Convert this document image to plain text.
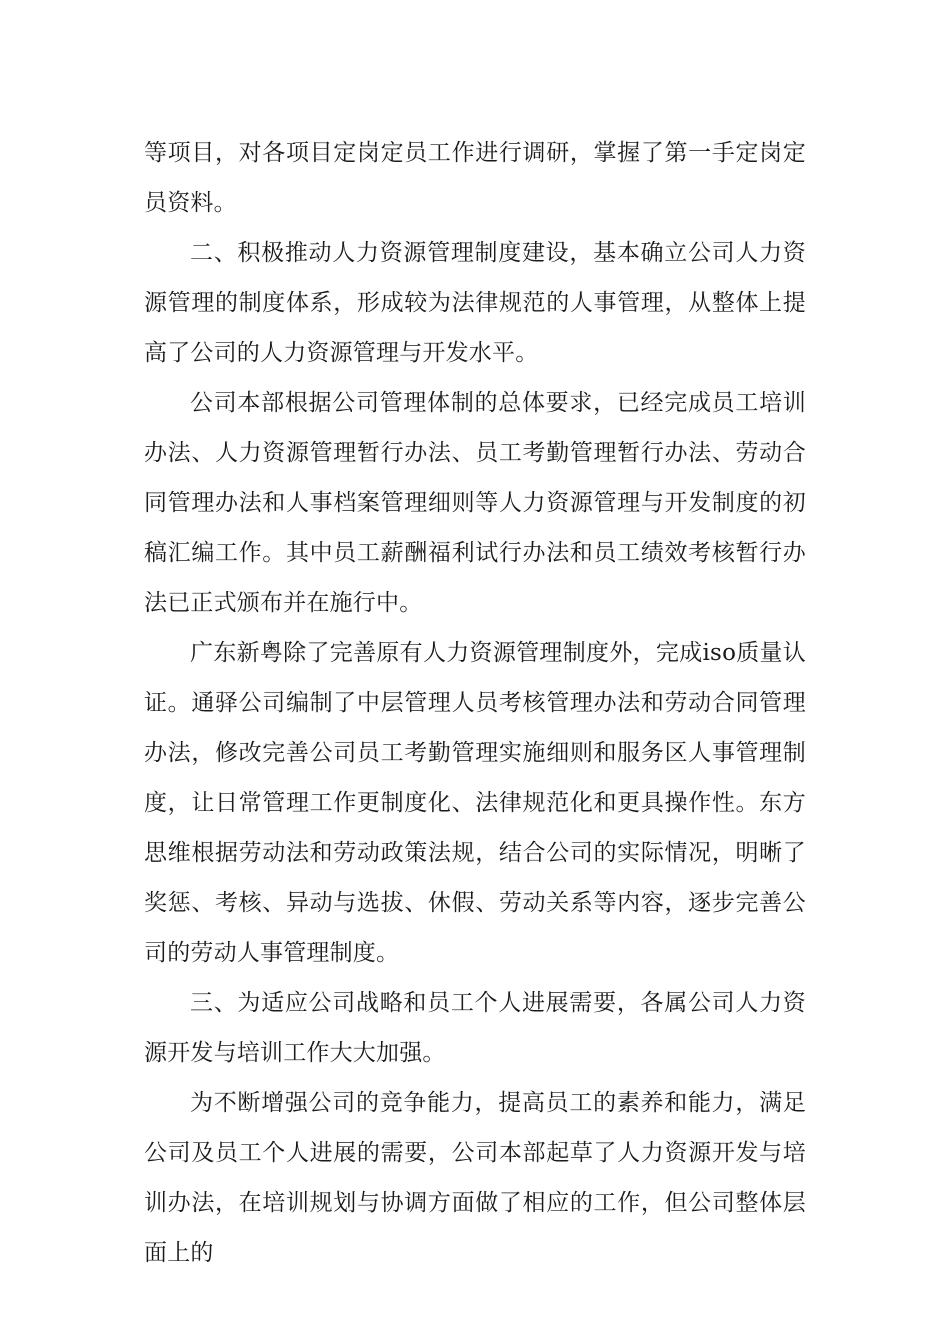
等项目，对各项目定岗定员工作进行调研，掌握了第一手定岗定员资料。

二、积极推动人力资源管理制度建设，基本确立公司人力资源管理的制度体系，形成较为法律规范的人事管理，从整体上提高了公司的人力资源管理与开发水平。

公司本部根据公司管理体制的总体要求，已经完成员工培训办法、人力资源管理暂行办法、员工考勤管理暂行办法、劳动合同管理办法和人事档案管理细则等人力资源管理与开发制度的初稿汇编工作。其中员工薪酬福利试行办法和员工绩效考核暂行办法已正式颁布并在施行中。

广东新粤除了完善原有人力资源管理制度外，完成iso质量认证。通驿公司编制了中层管理人员考核管理办法和劳动合同管理办法，修改完善公司员工考勤管理实施细则和服务区人事管理制度，让日常管理工作更制度化、法律规范化和更具操作性。东方思维根据劳动法和劳动政策法规，结合公司的实际情况，明晰了奖惩、考核、异动与选拔、休假、劳动关系等内容，逐步完善公司的劳动人事管理制度。

三、为适应公司战略和员工个人进展需要，各属公司人力资源开发与培训工作大大加强。

为不断增强公司的竞争能力，提高员工的素养和能力，满足公司及员工个人进展的需要，公司本部起草了人力资源开发与培训办法，在培训规划与协调方面做了相应的工作，但公司整体层面上的
